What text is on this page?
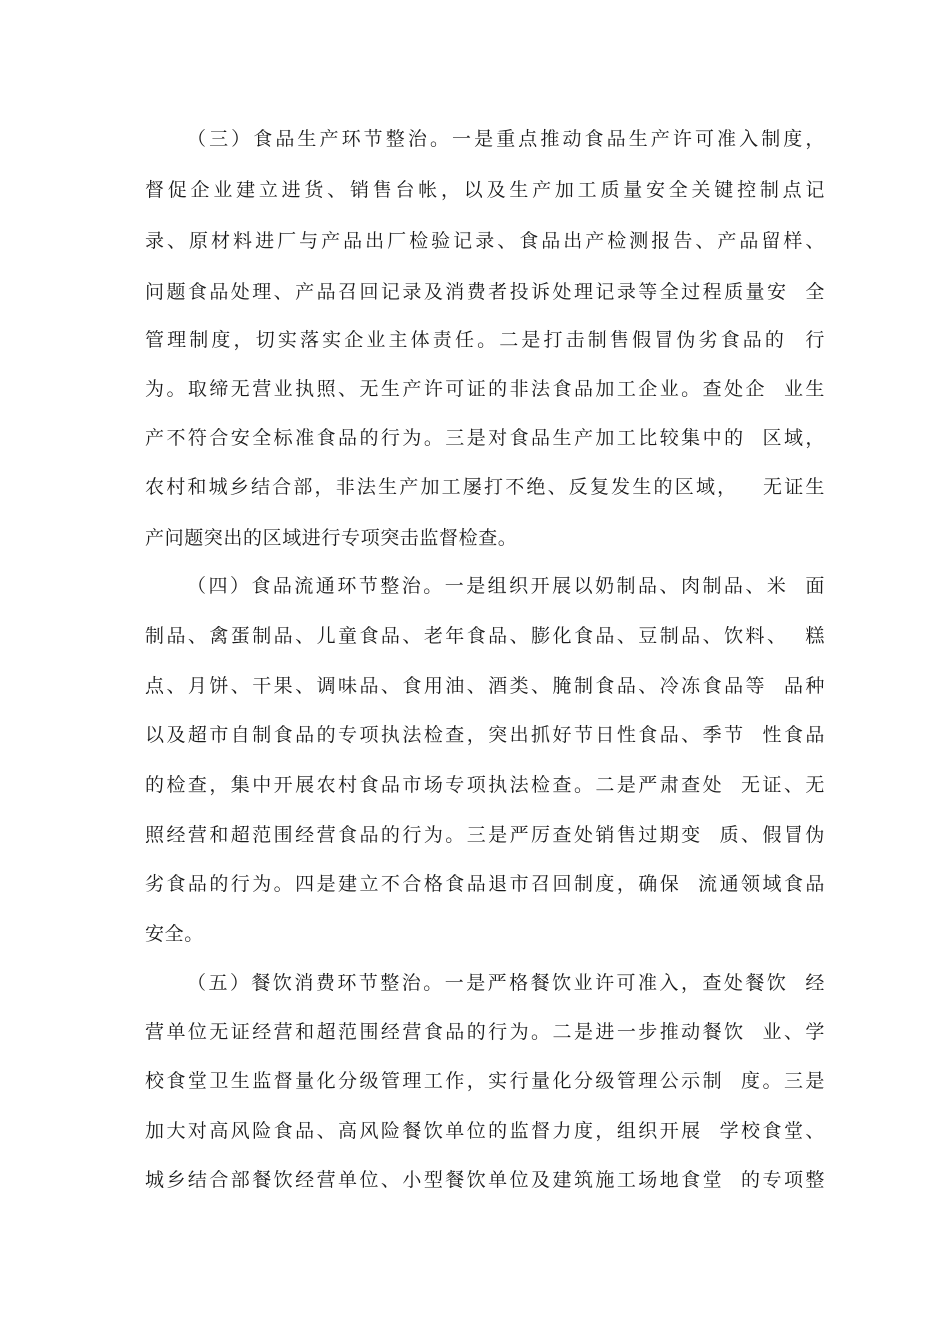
（三）食品生产环节整治。一是重点推动食品生产许可准入制度，
督促企业建立进货、销售台帐，以及生产加工质量安全关键控制点记
录、原材料进厂与产品出厂检验记录、食品出产检测报告、产品留样、
问题食品处理、产品召回记录及消费者投诉处理记录等全过程质量安  全
管理制度，切实落实企业主体责任。二是打击制售假冒伪劣食品的  行
为。取缔无营业执照、无生产许可证的非法食品加工企业。查处企  业生
产不符合安全标准食品的行为。三是对食品生产加工比较集中的  区域，
农村和城乡结合部，非法生产加工屡打不绝、反复发生的区域，   无证生
产问题突出的区域进行专项突击监督检查。
（四）食品流通环节整治。一是组织开展以奶制品、肉制品、米  面
制品、禽蛋制品、儿童食品、老年食品、膨化食品、豆制品、饮料、  糕
点、月饼、干果、调味品、食用油、酒类、腌制食品、冷冻食品等  品种
以及超市自制食品的专项执法检查，突出抓好节日性食品、季节  性食品
的检查，集中开展农村食品市场专项执法检查。二是严肃查处  无证、无
照经营和超范围经营食品的行为。三是严厉查处销售过期变  质、假冒伪
劣食品的行为。四是建立不合格食品退市召回制度，确保  流通领域食品
安全。
（五）餐饮消费环节整治。一是严格餐饮业许可准入，查处餐饮  经
营单位无证经营和超范围经营食品的行为。二是进一步推动餐饮  业、学
校食堂卫生监督量化分级管理工作，实行量化分级管理公示制  度。三是
加大对高风险食品、高风险餐饮单位的监督力度，组织开展  学校食堂、
城乡结合部餐饮经营单位、小型餐饮单位及建筑施工场地食堂  的专项整
